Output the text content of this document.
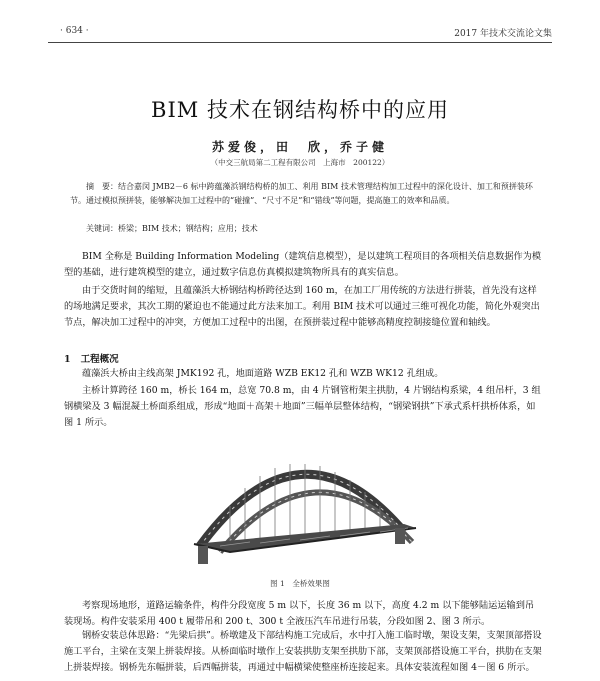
· 634 ·	2017 年技术交流论文集
BIM 技术在钢结构桥中的应用
苏爱俊，田　欣，乔子健
（中交三航局第二工程有限公司　上海市　200122）
摘　要：结合嘉闵 JMB2－6 标中跨蕴藻浜钢结构桥的加工、利用 BIM 技术管理结构加工过程中的深化设计、加工和预拼装环节。通过模拟预拼装，能够解决加工过程中的“碰撞”、“尺寸不足”和“错线”等问题，提高施工的效率和品质。
关键词：桥梁；BIM 技术；钢结构；应用；技术

BIM 全称是 Building Information Modeling（建筑信息模型），是以建筑工程项目的各项相关信息数据作为模型的基础，进行建筑模型的建立，通过数字信息仿真模拟建筑物所具有的真实信息。

由于交货时间的缩短，且蕴藻浜大桥钢结构桥跨径达到 160 m，在加工厂用传统的方法进行拼装，首先没有这样的场地满足要求，其次工期的紧迫也不能通过此方法来加工。利用 BIM 技术可以通过三维可视化功能，简化外观突出节点，解决加工过程中的冲突，方便加工过程中的出图，在预拼装过程中能够高精度控制接缝位置和轴线。

1 工程概况

蕴藻浜大桥由主线高架 JMK192 孔，地面道路 WZB EK12 孔和 WZB WK12 孔组成。

主桥计算跨径 160 m，桥长 164 m，总宽 70.8 m，由 4 片钢管桁架主拱肋，4 片钢结构系梁，4 组吊杆，3 组钢横梁及 3 幅混凝土桥面系组成，形成“地面＋高架＋地面”三幅单层整体结构，“钢梁钢拱”下承式系杆拱桥体系，如图 1 所示。

图 1　全桥效果图

考察现场地形，道路运输条件，构件分段宽度 5 m 以下，长度 36 m 以下，高度 4.2 m 以下能够陆运运输到吊装现场。构件安装采用 400 t 履带吊和 200 t、300 t 全液压汽车吊进行吊装，分段如图 2、图 3 所示。

钢桥安装总体思路：“先梁后拱”。桥墩建及下部结构施工完成后，水中打入施工临时墩，架设支架，支架顶部搭设施工平台，主梁在支架上拼装焊接。从桥面临时墩作上安装拱肋支架至拱肋下部，支架顶部搭设施工平台，拱肋在支架上拼装焊接。钢桥先东幅拼装，后西幅拼装，再通过中幅横梁使整座桥连接起来。具体安装流程如图 4－图 6 所示。
